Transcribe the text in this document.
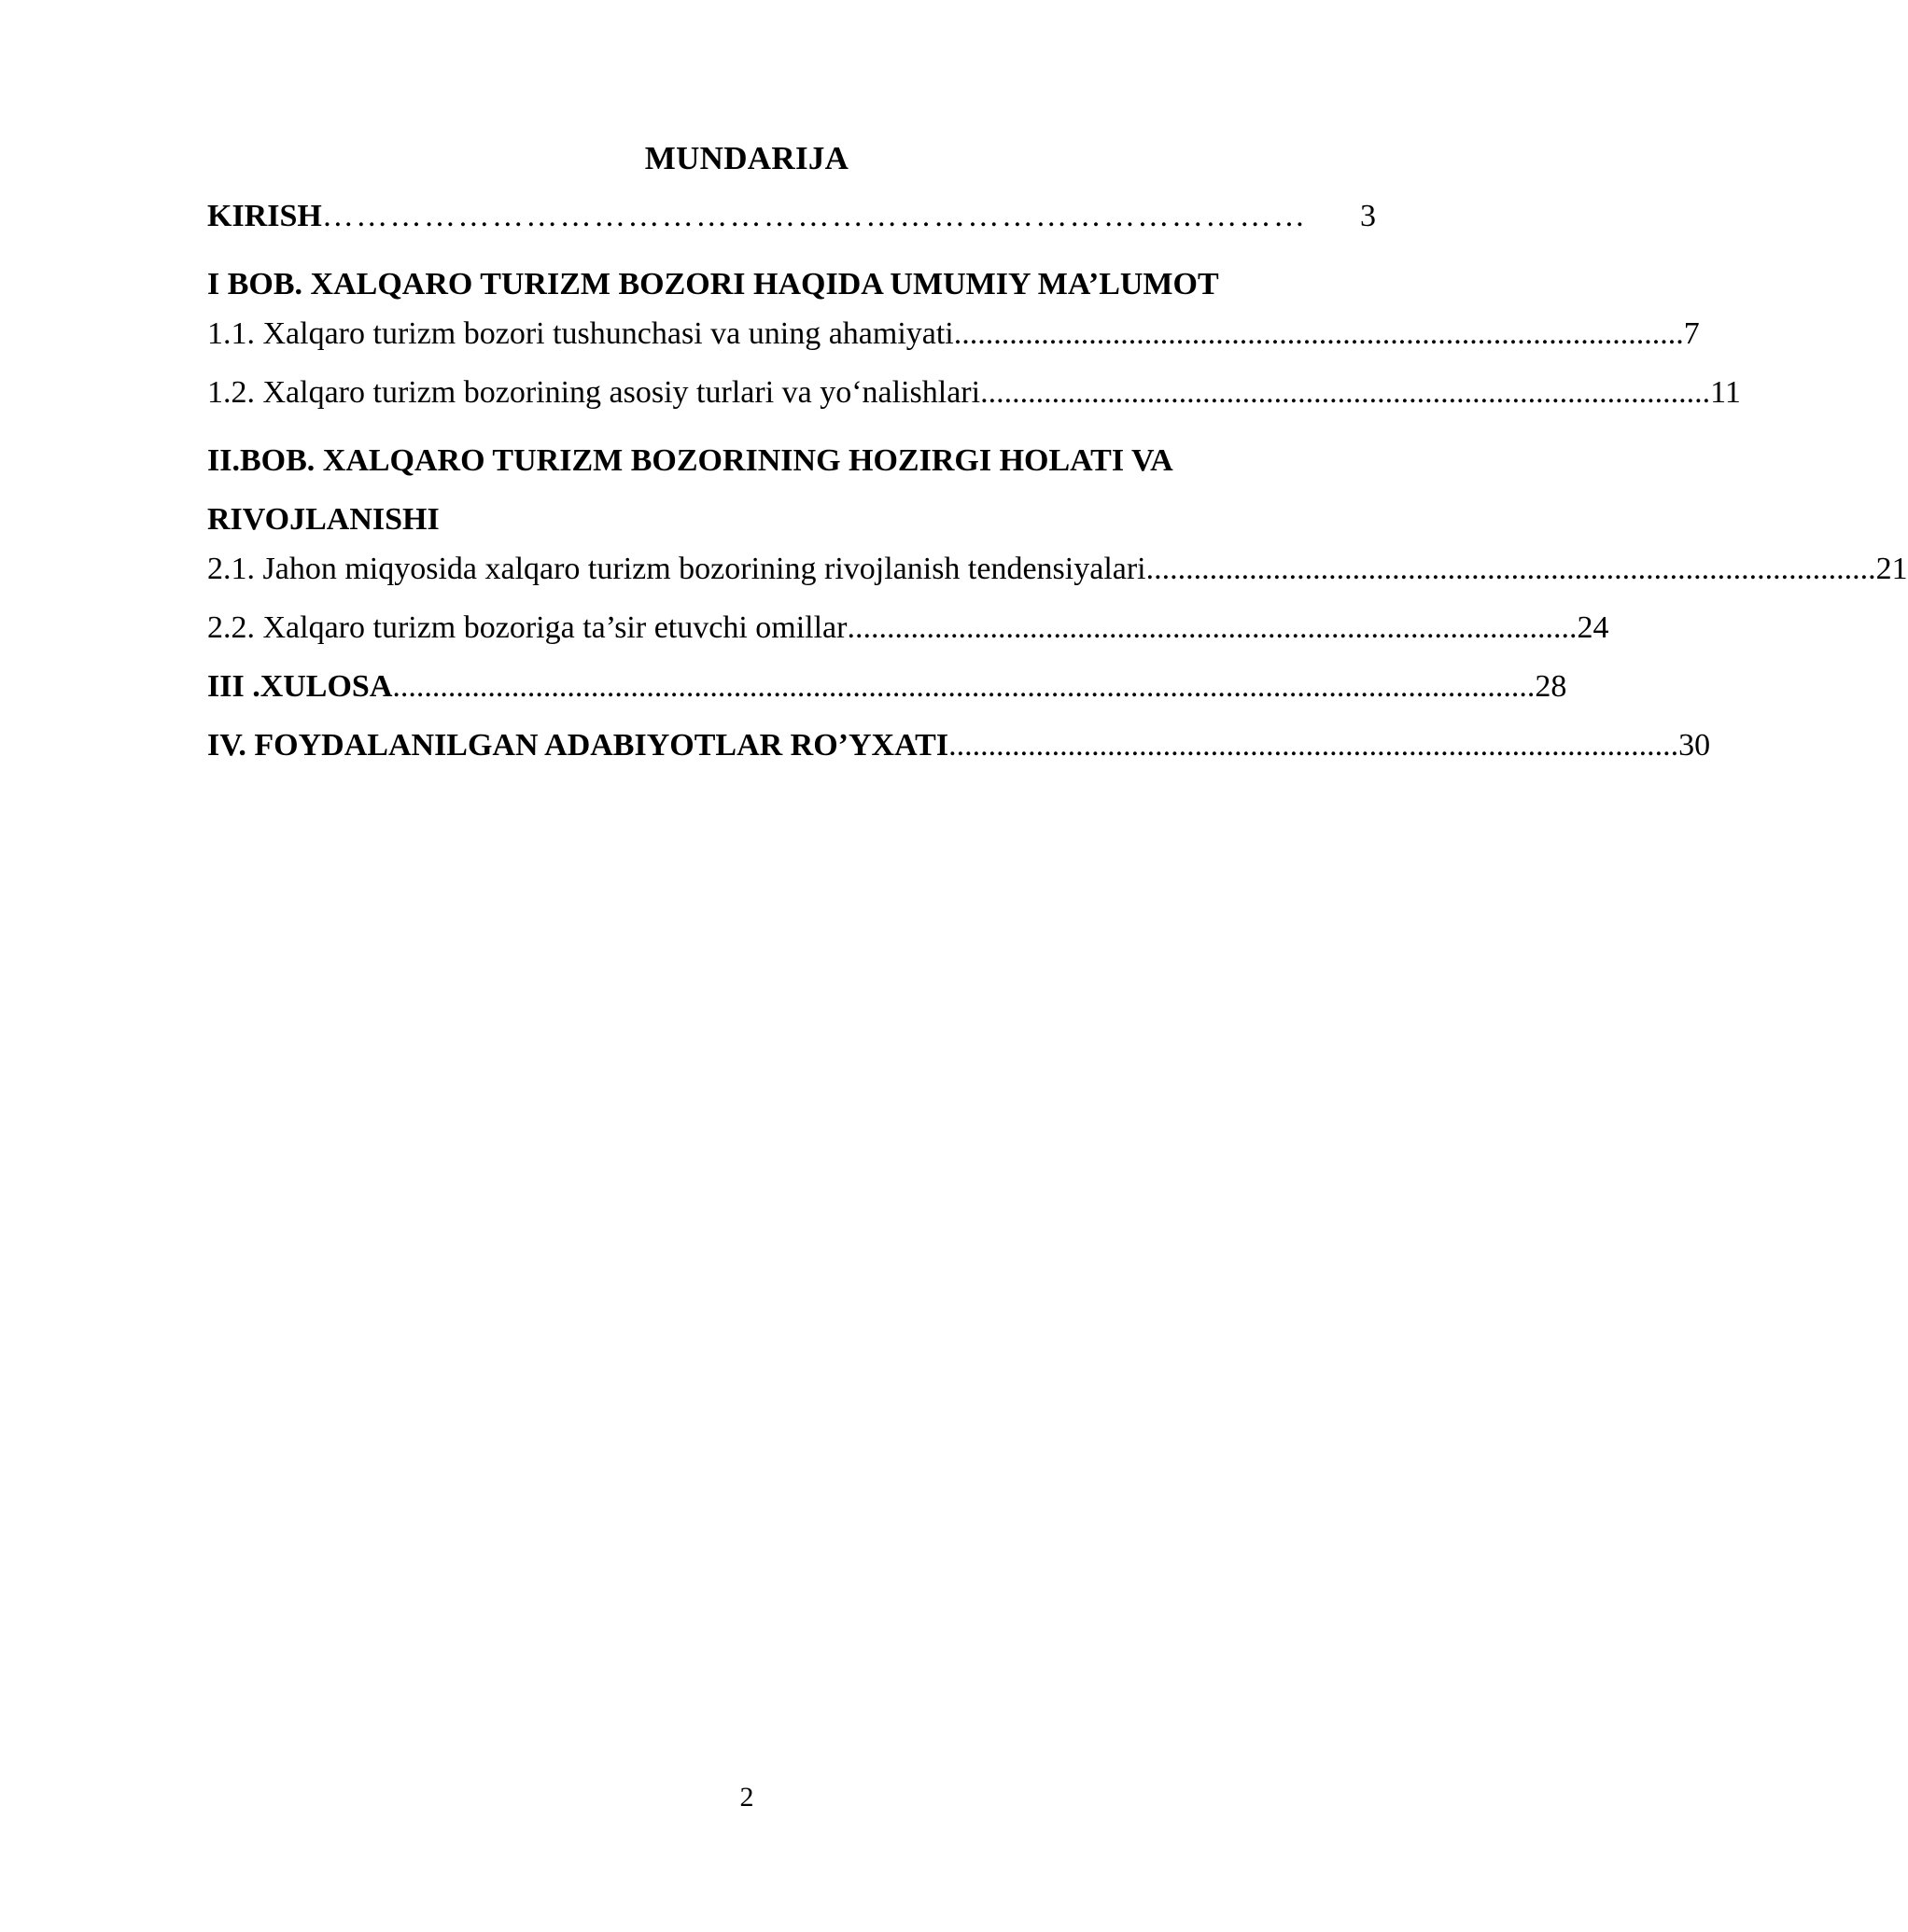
MUNDARIJA
KIRISH ……………………………………………………………………………	3
I BOB. XALQARO TURIZM BOZORI HAQIDA UMUMIY MA’LUMOT
1.1. Xalqaro turizm bozori tushunchasi va uning ahamiyati ............................................................................................ 7
1.2. Xalqaro turizm bozorining asosiy turlari va yo‘nalishlari ............................................................................................ 11
II.BOB. XALQARO TURIZM BOZORINING HOZIRGI HOLATI VA RIVOJLANISHI
2.1. Jahon miqyosida xalqaro turizm bozorining rivojlanish tendensiyalari ............................................................................................ 21
2.2. Xalqaro turizm bozoriga ta’sir etuvchi omillar ............................................................................................ 24
III .XULOSA ................................................................................................................................................ 28
IV. FOYDALANILGAN ADABIYOTLAR RO’YXATI ............................................................................................ 30
2
